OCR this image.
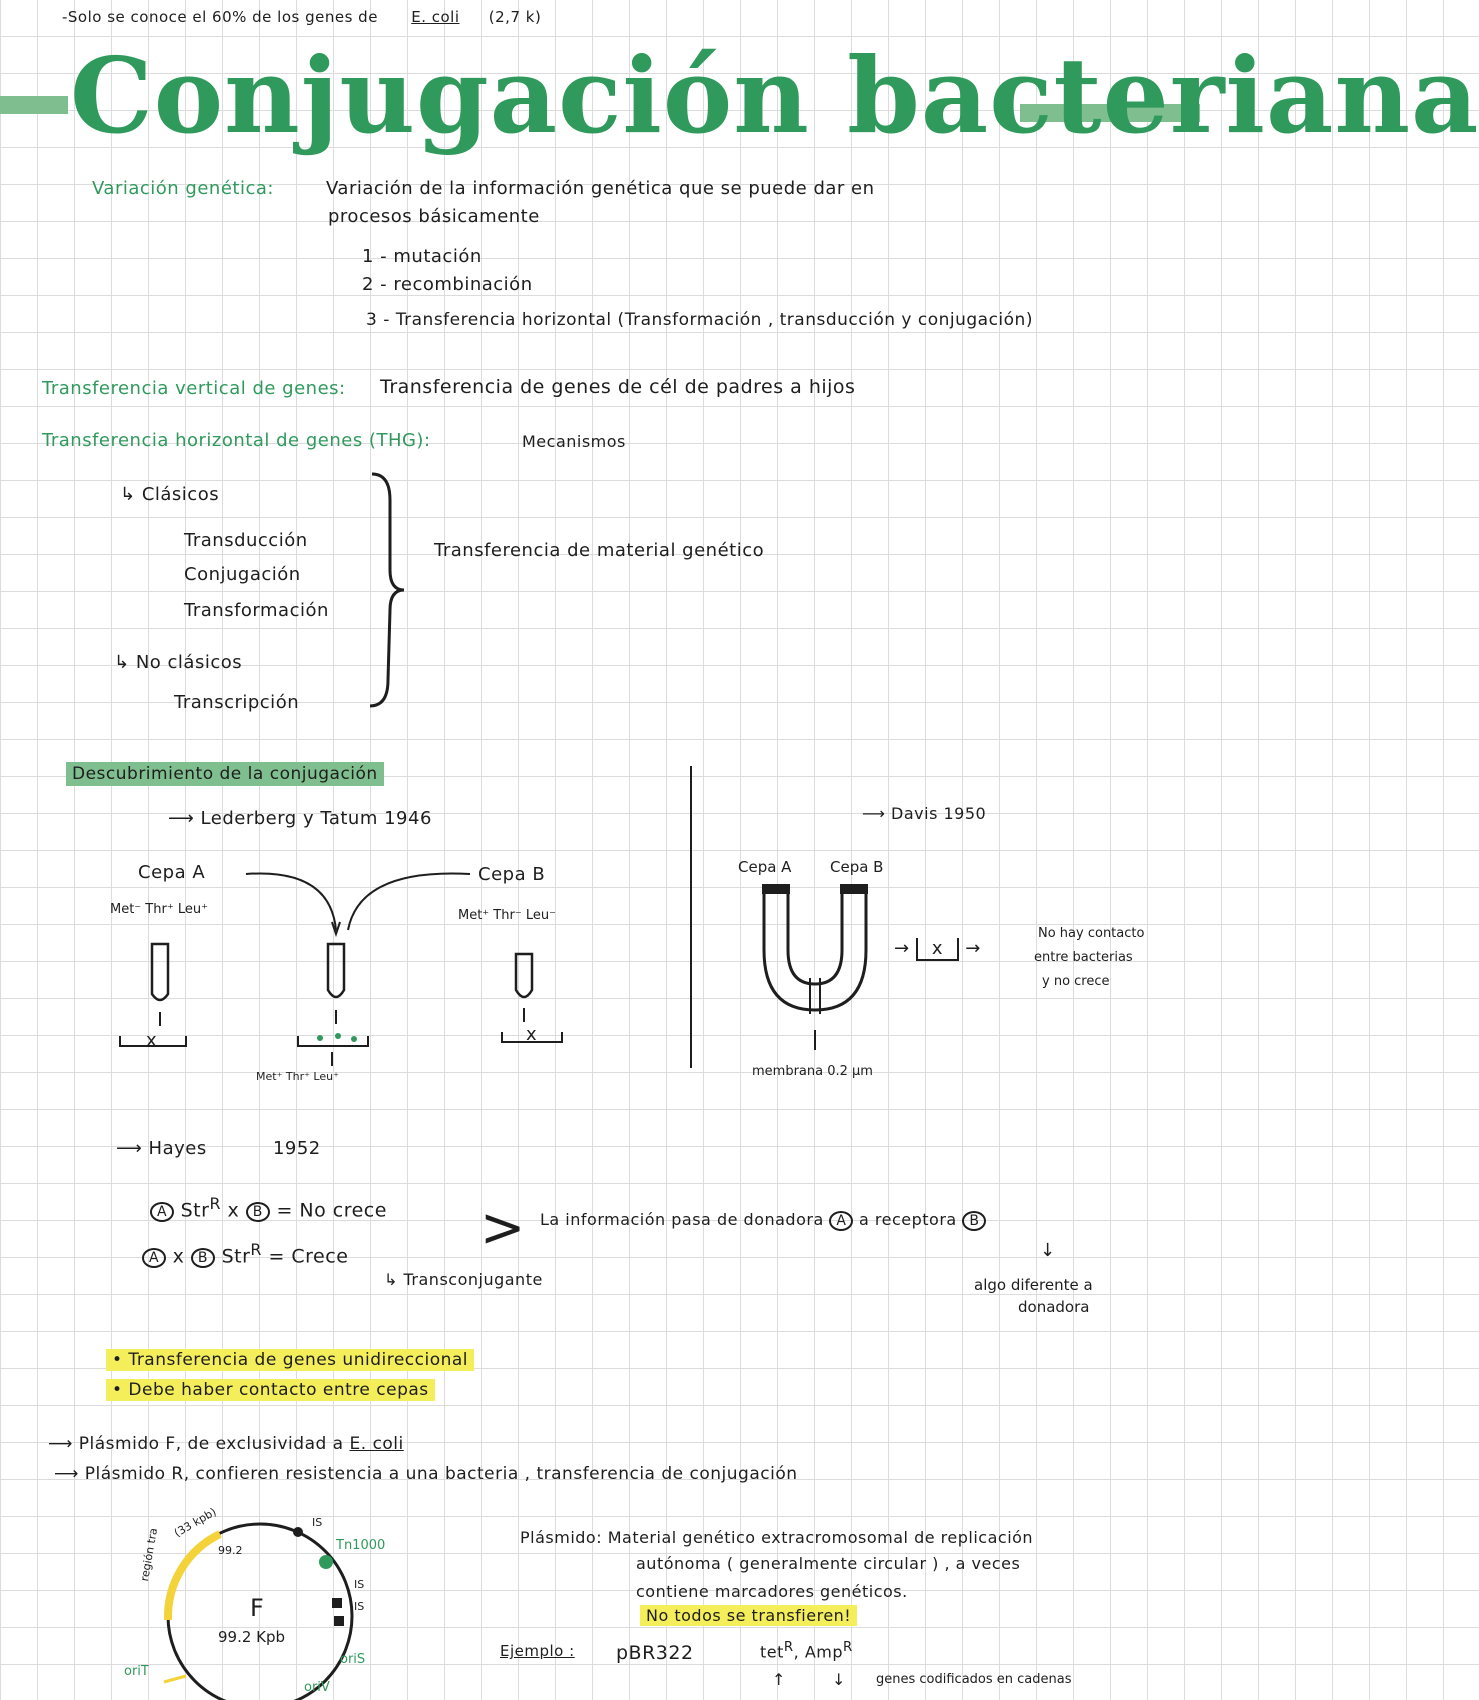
-Solo se conoce el 60% de los genes de E. coli (2,7 k)
Conjugación bacteriana
Variación genética:	Variación de la información genética que se puede dar en
procesos básicamente
1 - mutación
2 - recombinación
3 - Transferencia horizontal (Transformación , transducción y conjugación)
Transferencia vertical de genes: Transferencia de genes de cél de padres a hijos
Transferencia horizontal de genes (THG):	Mecanismos
↳ Clásicos
Transducción
Conjugación
Transformación
↳ No clásicos
Transcripción
Transferencia de material genético
Descubrimiento de la conjugación
⟶ Lederberg y Tatum 1946
Cepa A
Met⁻ Thr⁺ Leu⁺
Cepa B
Met⁺ Thr⁻ Leu⁻
x	x
Met⁺ Thr⁺ Leu⁺
⟶ Davis 1950
Cepa A	Cepa B
→ x →
No hay contacto
entre bacterias
y no crece
membrana 0.2 μm
⟶ Hayes	1952
A Str$^R$ x B = No crece
A x B Str$^R$ = Crece >
↳ Transconjugante
La información pasa de donadora A a receptora B
↓
algo diferente a
donadora
• Transferencia de genes unidireccional
• Debe haber contacto entre cepas
⟶ Plásmido F, de exclusividad a E. coli
⟶ Plásmido R, confieren resistencia a una bacteria , transferencia de conjugación
Plásmido: Material genético extracromosomal de replicación
autónoma ( generalmente circular ) , a veces
contiene marcadores genéticos.
No todos se transfieren!
Ejemplo : pBR322	tet$^R$, Amp$^R$
↑	↓ genes codificados en cadenas
F
99.2 Kpb
región tra
(33 kpb)
99.2
IS
Tn1000
IS
IS
oriT
oriS
oriV
